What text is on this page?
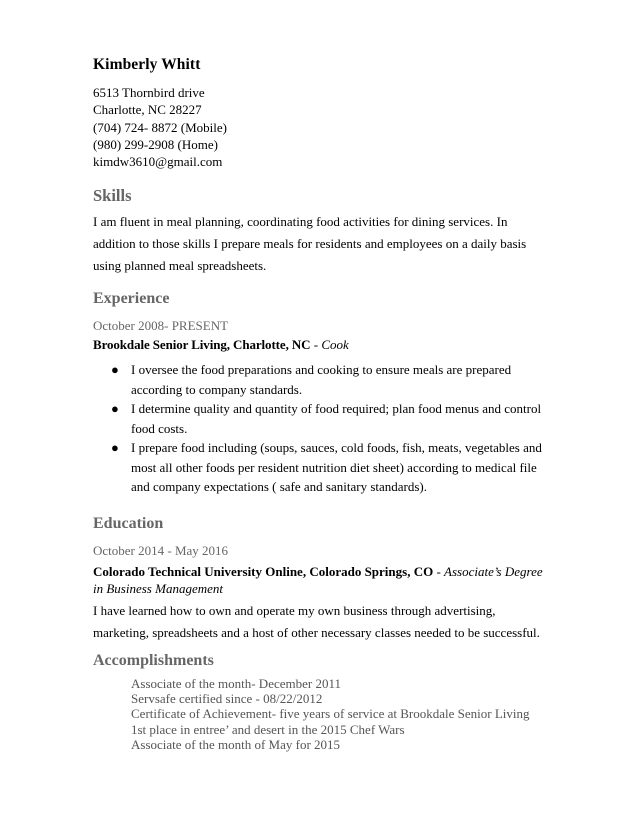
Kimberly Whitt
6513 Thornbird drive
Charlotte, NC 28227
(704) 724- 8872 (Mobile)
(980) 299-2908 (Home)
kimdw3610@gmail.com
Skills
I am fluent in meal planning, coordinating food activities for dining services. In addition to those skills I prepare meals for residents and employees on a daily basis using planned meal spreadsheets.
Experience
October 2008- PRESENT
Brookdale Senior Living, Charlotte, NC - Cook
● I oversee the food preparations and cooking to ensure meals are prepared according to company standards.
● I determine quality and quantity of food required; plan food menus and control food costs.
● I prepare food including (soups, sauces, cold foods, fish, meats, vegetables and most all other foods per resident nutrition diet sheet) according to medical file and company expectations ( safe and sanitary standards).
Education
October 2014 - May 2016
Colorado Technical University Online, Colorado Springs, CO - Associate’s Degree in Business Management
I have learned how to own and operate my own business through advertising, marketing, spreadsheets and a host of other necessary classes needed to be successful.
Accomplishments
Associate of the month- December 2011
Servsafe certified since - 08/22/2012
Certificate of Achievement- five years of service at Brookdale Senior Living
1st place in entree’ and desert in the 2015 Chef Wars
Associate of the month of May for 2015
